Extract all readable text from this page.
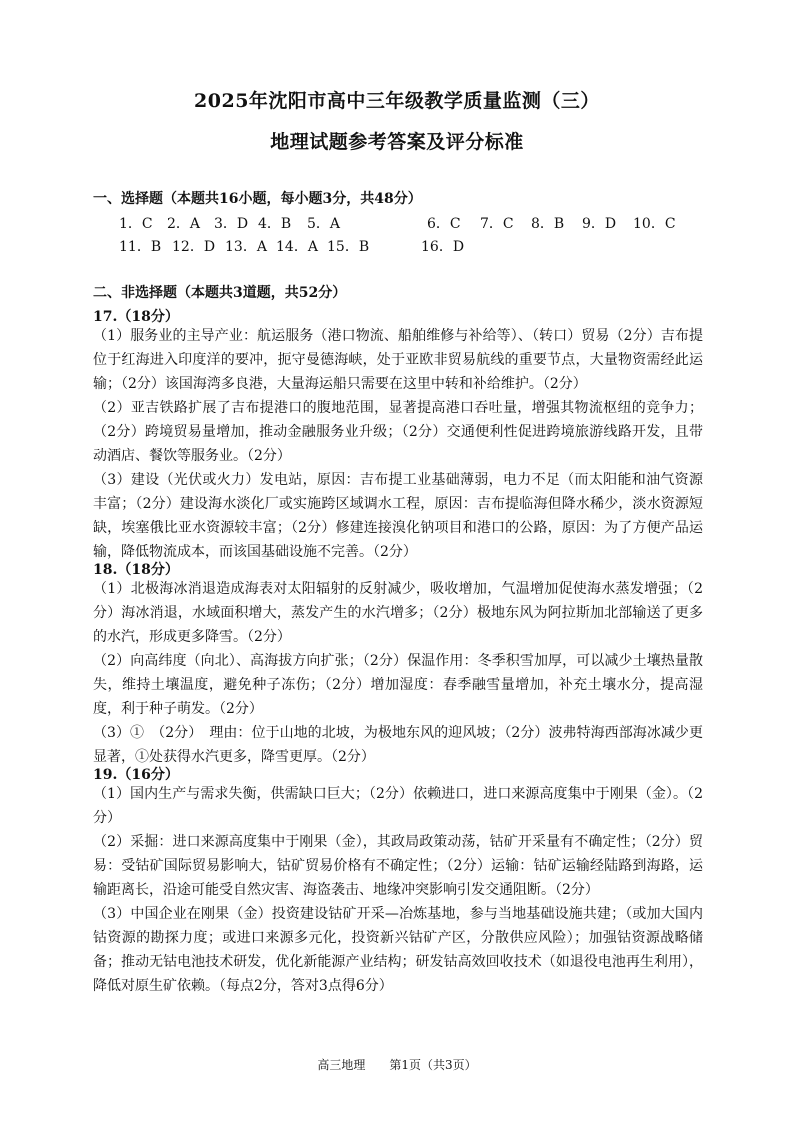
2025年沈阳市高中三年级教学质量监测（三）
地理试题参考答案及评分标准
一、选择题（本题共16小题，每小题3分，共48分）
1．C 2．A 3．D 4．B 5．A	6．C 7．C 8．B 9．D 10．C
11．B 12．D 13．A 14．A 15．B	16．D
二、非选择题（本题共3道题，共52分）
17.（18分）

（1）服务业的主导产业：航运服务（港口物流、船舶维修与补给等）、（转口）贸易（2分）吉布提位于红海进入印度洋的要冲，扼守曼德海峡，处于亚欧非贸易航线的重要节点，大量物资需经此运输；（2分）该国海湾多良港，大量海运船只需要在这里中转和补给维护。（2分）

（2）亚吉铁路扩展了吉布提港口的腹地范围，显著提高港口吞吐量，增强其物流枢纽的竞争力；（2分）跨境贸易量增加，推动金融服务业升级；（2分）交通便利性促进跨境旅游线路开发，且带动酒店、餐饮等服务业。（2分）

（3）建设（光伏或火力）发电站，原因：吉布提工业基础薄弱，电力不足（而太阳能和油气资源丰富；（2分）建设海水淡化厂或实施跨区域调水工程，原因：吉布提临海但降水稀少，淡水资源短缺，埃塞俄比亚水资源较丰富；（2分）修建连接溴化钠项目和港口的公路，原因：为了方便产品运输，降低物流成本，而该国基础设施不完善。（2分）

18.（18分）

（1）北极海冰消退造成海表对太阳辐射的反射减少，吸收增加，气温增加促使海水蒸发增强；（2分）海冰消退，水域面积增大，蒸发产生的水汽增多；（2分）极地东风为阿拉斯加北部输送了更多的水汽，形成更多降雪。（2分）

（2）向高纬度（向北）、高海拔方向扩张；（2分）保温作用：冬季积雪加厚，可以减少土壤热量散失，维持土壤温度，避免种子冻伤；（2分）增加湿度：春季融雪量增加，补充土壤水分，提高湿度，利于种子萌发。（2分）

（3）①　（2分）　理由：位于山地的北坡，为极地东风的迎风坡；（2分）波弗特海西部海冰减少更显著，①处获得水汽更多，降雪更厚。（2分）

19.（16分）

（1）国内生产与需求失衡，供需缺口巨大；（2分）依赖进口，进口来源高度集中于刚果（金）。（2分）

（2）采掘：进口来源高度集中于刚果（金），其政局政策动荡，钴矿开采量有不确定性；（2分）贸易：受钴矿国际贸易影响大，钴矿贸易价格有不确定性；（2分）运输：钴矿运输经陆路到海路，运输距离长，沿途可能受自然灾害、海盗袭击、地缘冲突影响引发交通阻断。（2分）

（3）中国企业在刚果（金）投资建设钴矿开采—冶炼基地，参与当地基础设施共建；（或加大国内钴资源的勘探力度；或进口来源多元化，投资新兴钴矿产区，分散供应风险）；加强钴资源战略储备；推动无钴电池技术研发，优化新能源产业结构；研发钴高效回收技术（如退役电池再生利用），降低对原生矿依赖。（每点2分，答对3点得6分）

高三地理　　第1页（共3页）
